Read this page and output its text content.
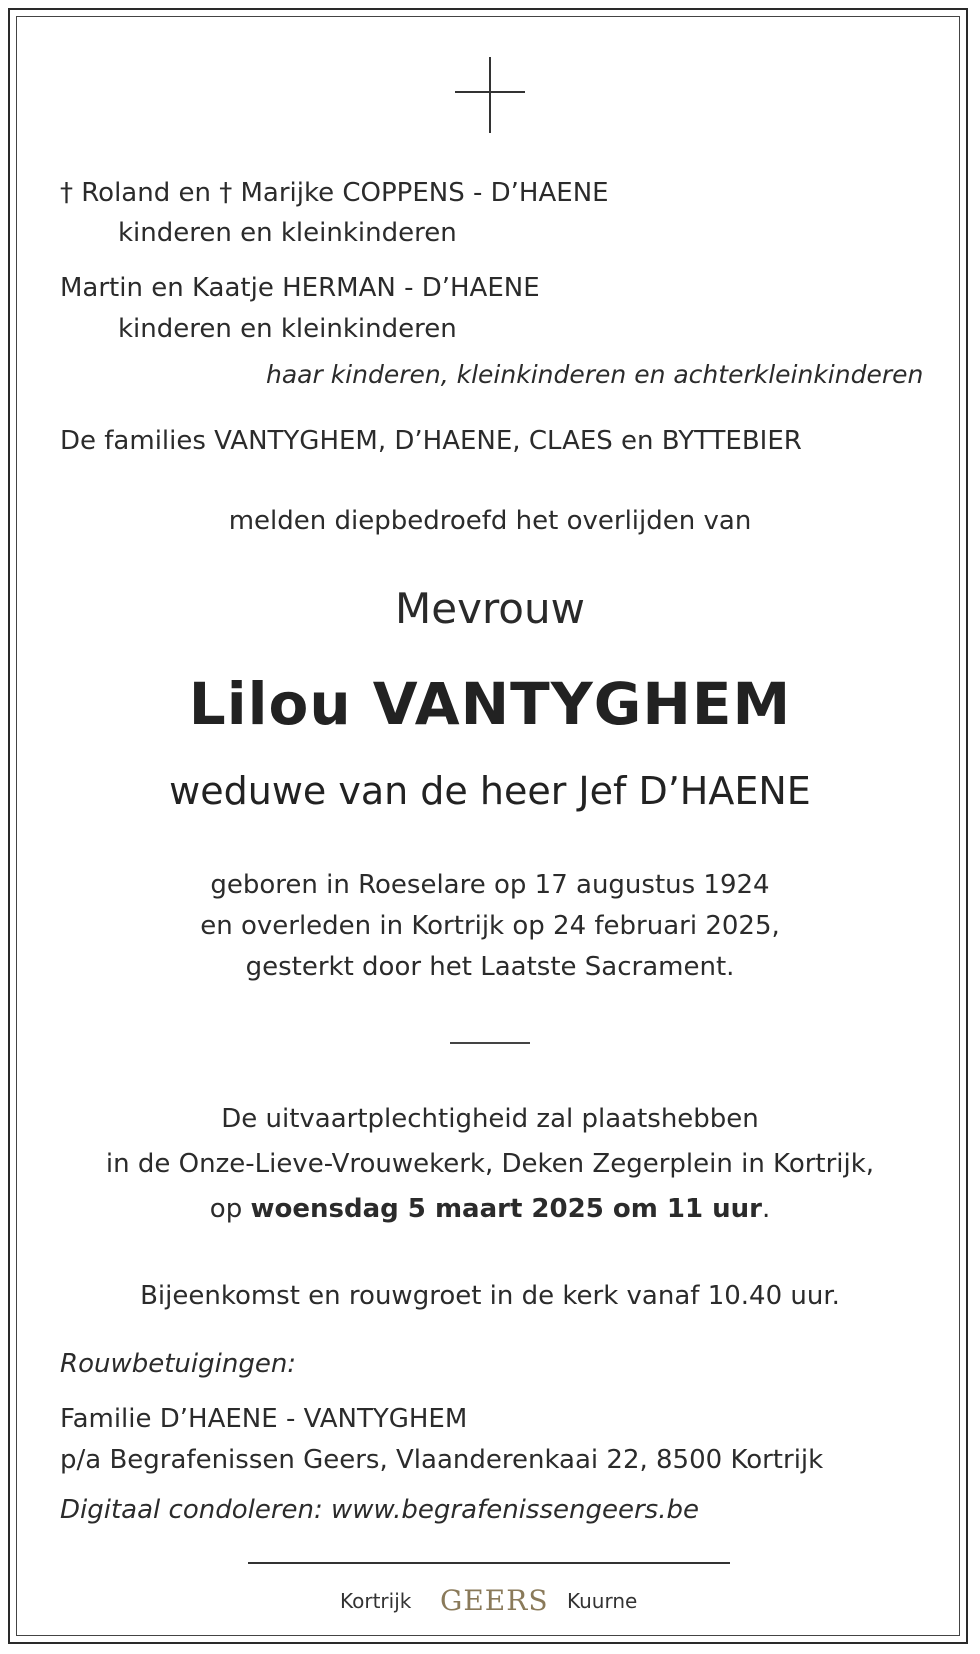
† Roland en † Marijke COPPENS - D’HAENE
kinderen en kleinkinderen
Martin en Kaatje HERMAN - D’HAENE
kinderen en kleinkinderen
haar kinderen, kleinkinderen en achterkleinkinderen
De families VANTYGHEM, D’HAENE, CLAES en BYTTEBIER
melden diepbedroefd het overlijden van
Mevrouw
Lilou VANTYGHEM
weduwe van de heer Jef D’HAENE
geboren in Roeselare op 17 augustus 1924
en overleden in Kortrijk op 24 februari 2025,
gesterkt door het Laatste Sacrament.
De uitvaartplechtigheid zal plaatshebben
in de Onze-Lieve-Vrouwekerk, Deken Zegerplein in Kortrijk,
op woensdag 5 maart 2025 om 11 uur.
Bijeenkomst en rouwgroet in de kerk vanaf 10.40 uur.
Rouwbetuigingen:
Familie D’HAENE - VANTYGHEM
p/a Begrafenissen Geers, Vlaanderenkaai 22, 8500 Kortrijk
Digitaal condoleren: www.begrafenissengeers.be
Kortrijk GEERS Kuurne
